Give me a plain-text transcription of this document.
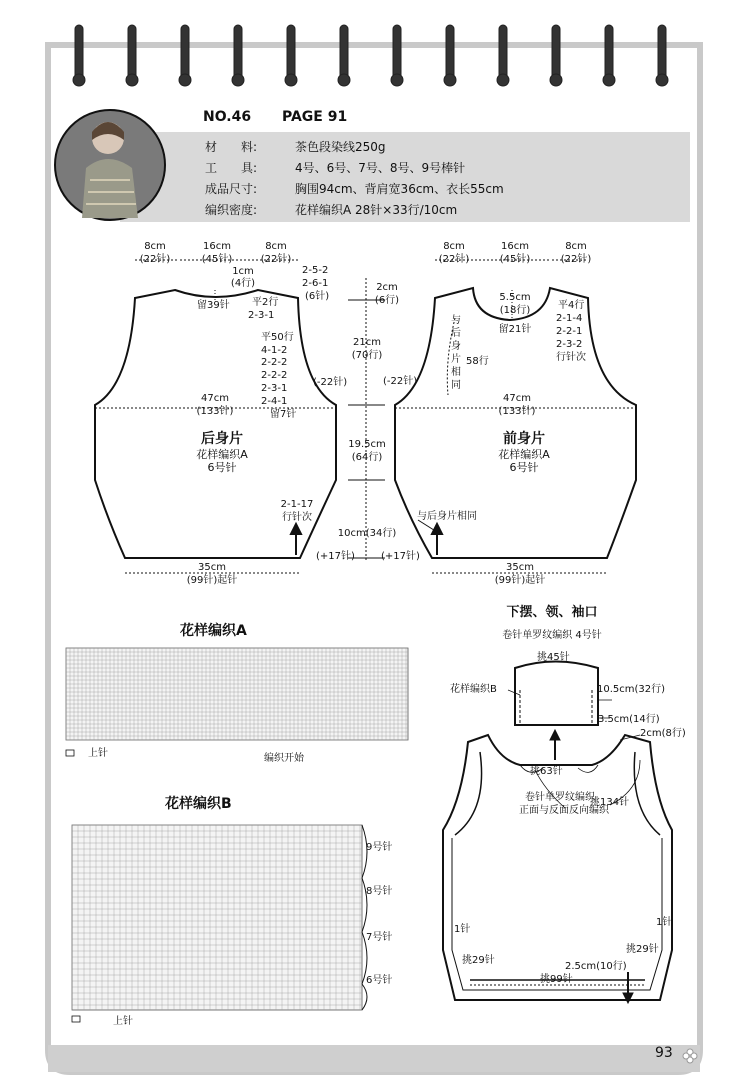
NO.46 PAGE 91
材　　料:	茶色段染线250g
工　　具:	4号、6号、7号、8号、9号棒针
成品尺寸:	胸围94cm、背肩宽36cm、衣长55cm
编织密度:	花样编织A 28针×33行/10cm
8cm
(22针)
16cm
(45针)
8cm
(22针)
1cm
(4行)
2-5-2
2-6-1
(6针)
留39针 平2行
2-3-1
平50行
4-1-2
2-2-2
2-2-2
2-3-1
2-4-1
留7针
(-22针)
47cm
(133针)
后身片
花样编织A
6号针
2-1-17
行针次
(+17针)
35cm
(99针)起针
2cm
(6行)
21cm
(70行)
19.5cm
(64行)
10cm(34行)
8cm
(22针)
16cm
(45针)
8cm
(22针)
5.5cm
(18行)
留21针
平4行
2-1-4
2-2-1
2-3-2
行针次
与
后
身
片
相
同
58行
(-22针)
47cm
(133针)
前身片
花样编织A
6号针
与后身片相同
(+17针)
35cm
(99针)起针
花样编织A
上针	编织开始
花样编织B
9号针
8号针
7号针
6号针
上针
下摆、领、袖口
卷针单罗纹编织 4号针
挑45针
花样编织B	10.5cm(32行)
3.5cm(14行)
2cm(8行)
挑63针
卷针单罗纹编织
正面与反面反向编织
挑134针
1针
1针
挑29针
挑29针
2.5cm(10行)
挑99针
93
